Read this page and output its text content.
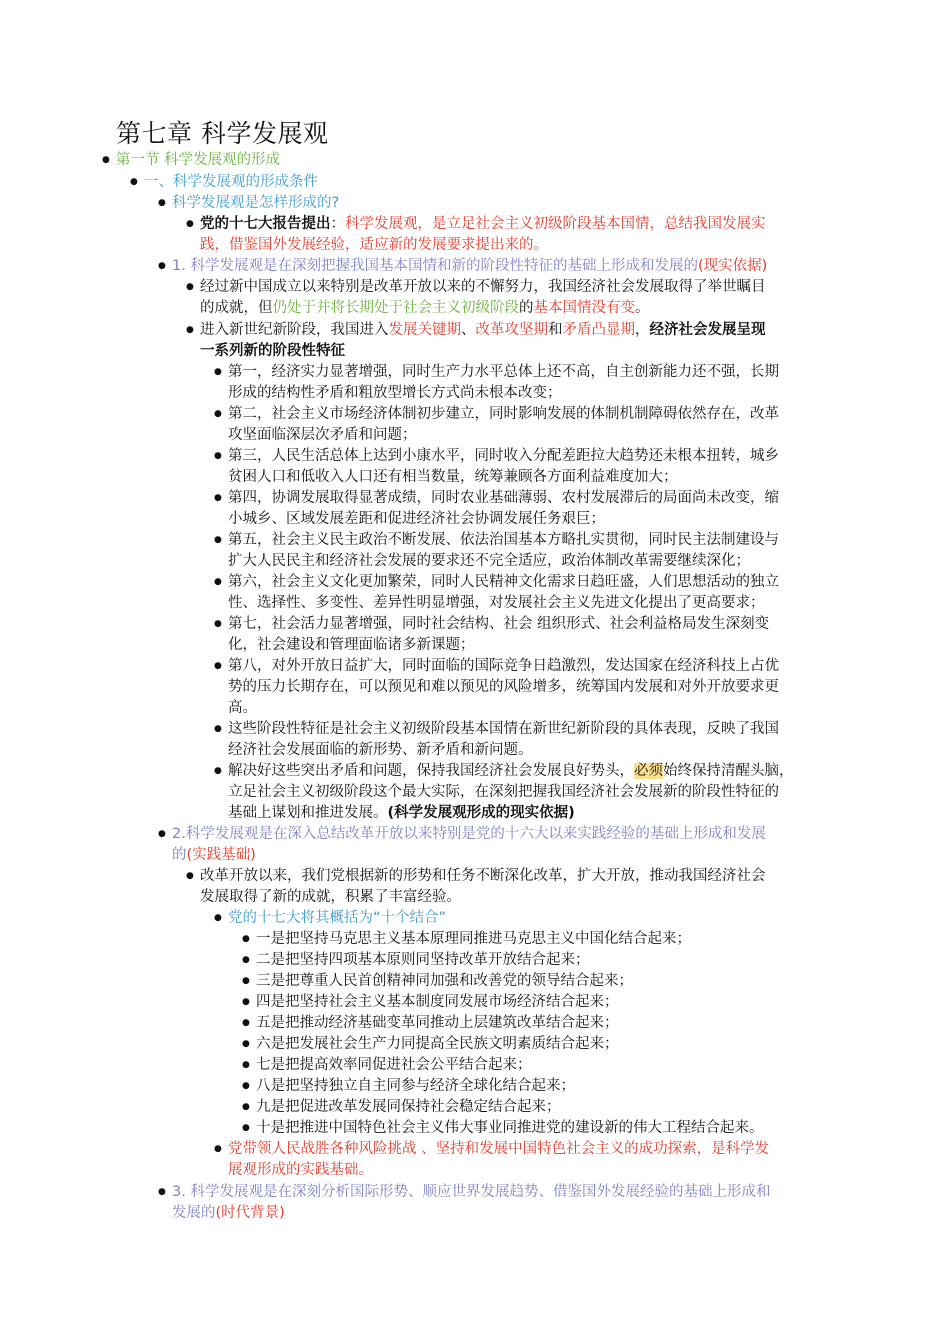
第七章 科学发展观
● 第一节 科学发展观的形成
● 一、科学发展观的形成条件
● 科学发展观是怎样形成的?
● 党的十七大报告提出：科学发展观，是立足社会主义初级阶段基本国情，总结我国发展实
践，借鉴国外发展经验，适应新的发展要求提出来的。
● 1. 科学发展观是在深刻把握我国基本国情和新的阶段性特征的基础上形成和发展的(现实依据)
● 经过新中国成立以来特别是改革开放以来的不懈努力，我国经济社会发展取得了举世瞩目
的成就，但仍处于并将长期处于社会主义初级阶段的基本国情没有变。
● 进入新世纪新阶段，我国进入发展关键期、改革攻坚期和矛盾凸显期，经济社会发展呈现
一系列新的阶段性特征
● 第一，经济实力显著增强，同时生产力水平总体上还不高，自主创新能力还不强，长期
形成的结构性矛盾和粗放型增长方式尚未根本改变；
● 第二，社会主义市场经济体制初步建立，同时影响发展的体制机制障碍依然存在，改革
攻坚面临深层次矛盾和问题；
● 第三，人民生活总体上达到小康水平，同时收入分配差距拉大趋势还未根本扭转，城乡
贫困人口和低收入人口还有相当数量，统筹兼顾各方面利益难度加大；
● 第四，协调发展取得显著成绩，同时农业基础薄弱、农村发展滞后的局面尚未改变，缩
小城乡、区域发展差距和促进经济社会协调发展任务艰巨；
● 第五，社会主义民主政治不断发展、依法治国基本方略扎实贯彻，同时民主法制建设与
扩大人民民主和经济社会发展的要求还不完全适应，政治体制改革需要继续深化；
● 第六，社会主义文化更加繁荣，同时人民精神文化需求日趋旺盛，人们思想活动的独立
性、选择性、多变性、差异性明显增强，对发展社会主义先进文化提出了更高要求；
● 第七，社会活力显著增强，同时社会结构、社会 组织形式、社会利益格局发生深刻变
化，社会建设和管理面临诸多新课题；
● 第八，对外开放日益扩大，同时面临的国际竞争日趋激烈，发达国家在经济科技上占优
势的压力长期存在，可以预见和难以预见的风险增多，统筹国内发展和对外开放要求更
高。
● 这些阶段性特征是社会主义初级阶段基本国情在新世纪新阶段的具体表现，反映了我国
经济社会发展面临的新形势、新矛盾和新问题。
● 解决好这些突出矛盾和问题，保持我国经济社会发展良好势头，必须始终保持清醒头脑，
立足社会主义初级阶段这个最大实际，在深刻把握我国经济社会发展新的阶段性特征的
基础上谋划和推进发展。(科学发展观形成的现实依据)
● 2.科学发展观是在深入总结改革开放以来特别是党的十六大以来实践经验的基础上形成和发展
的(实践基础)
● 改革开放以来，我们党根据新的形势和任务不断深化改革，扩大开放，推动我国经济社会
发展取得了新的成就，积累了丰富经验。
● 党的十七大将其概括为“十个结合”
● 一是把坚持马克思主义基本原理同推进马克思主义中国化结合起来；
● 二是把坚持四项基本原则同坚持改革开放结合起来；
● 三是把尊重人民首创精神同加强和改善党的领导结合起来；
● 四是把坚持社会主义基本制度同发展市场经济结合起来；
● 五是把推动经济基础变革同推动上层建筑改革结合起来；
● 六是把发展社会生产力同提高全民族文明素质结合起来；
● 七是把提高效率同促进社会公平结合起来；
● 八是把坚持独立自主同参与经济全球化结合起来；
● 九是把促进改革发展同保持社会稳定结合起来；
● 十是把推进中国特色社会主义伟大事业同推进党的建设新的伟大工程结合起来。
● 党带领人民战胜各种风险挑战 、坚持和发展中国特色社会主义的成功探索，是科学发
展观形成的实践基础。
● 3. 科学发展观是在深刻分析国际形势、顺应世界发展趋势、借鉴国外发展经验的基础上形成和
发展的(时代背景)
